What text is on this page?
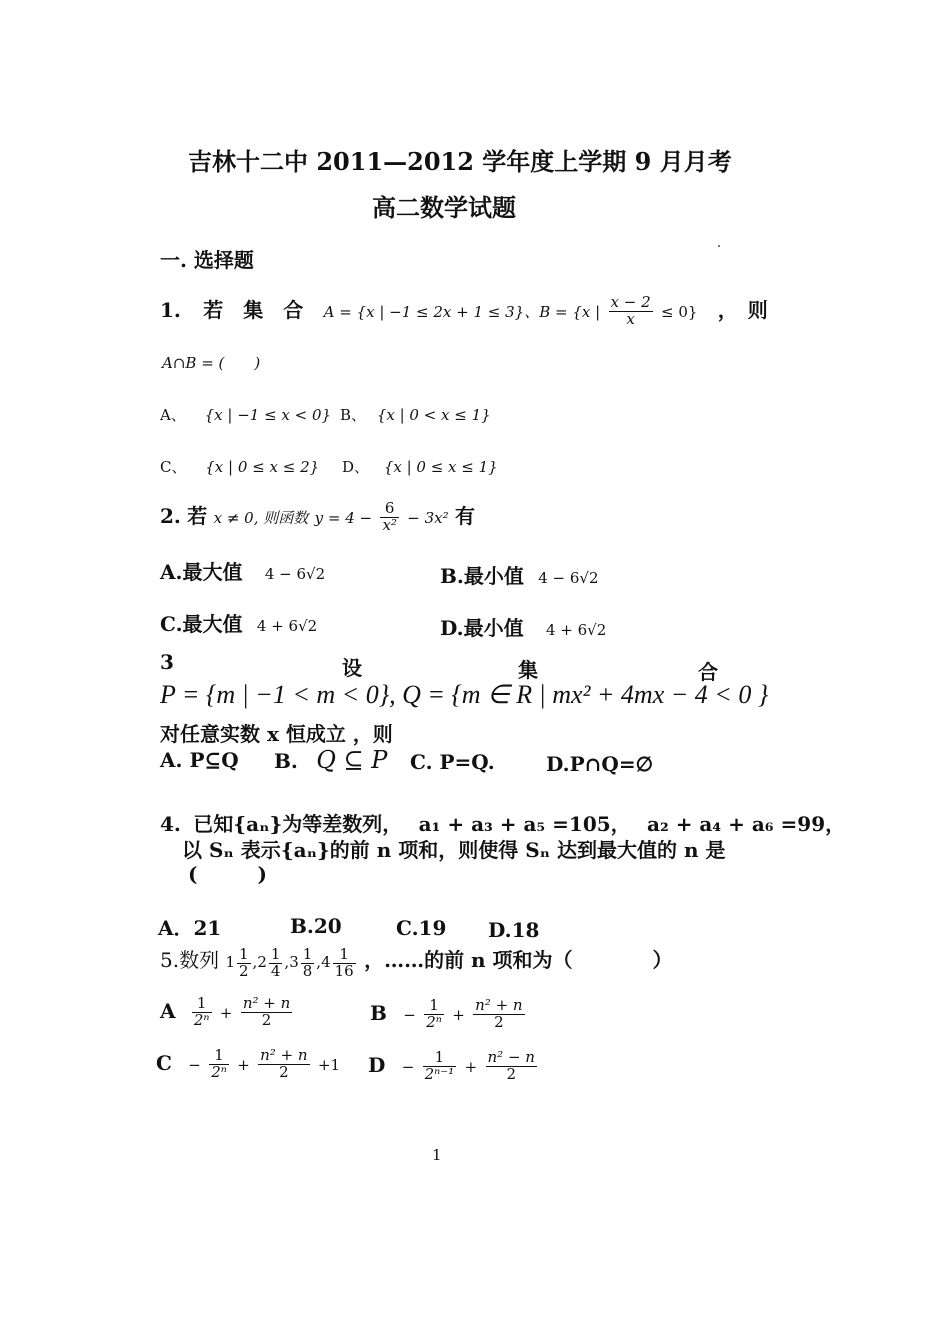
吉林十二中 2011—2012 学年度上学期 9 月月考
高二数学试题
一. 选择题
1. 若　集　合 A = {x | −1 ≤ 2x + 1 ≤ 3}、B = {x | $\frac{x - 2}{x} \le 0$} ，　则
A∩B = (　　)
A、 {x | −1 ≤ x < 0} B、 {x | 0 < x ≤ 1}
C、 {x | 0 ≤ x ≤ 2} D、 {x | 0 ≤ x ≤ 1}
2. 若 x ≠ 0, 则函数 $y = 4 - \frac{6}{\text{x²}} - 3x^2$ 有
A.最大值 4 − 6√2	B.最小值 4 − 6√2
C.最大值 4 + 6√2	D.最小值 4 + 6√2
3	设	集	合
P = {m | −1 < m < 0}, Q = {m ∈ R | mx² + 4mx − 4 < 0 }
对任意实数 x 恒成立 ，则
A. P⊆Q B. Q ⊆ P C. P=Q.	D.P∩Q=∅
4. 已知{aₙ}为等差数列， a₁ + a₃ + a₅ =105， a₂ + a₄ + a₆ =99，
以 Sₙ 表示{aₙ}的前 n 项和，则使得 Sₙ 达到最大值的 n 是
(　　　)
A．21	B.20	C.19 D.18
5.数列 $1 \frac{1}{2} ,2 \frac{1}{4} ,3 \frac{1}{8} ,4 \frac{1}{16}$ ，……的前 n 项和为（　　　　）
A $\frac{1}{\text{2ⁿ}} + \frac{\text{n² + n}}{2}$	$B - \frac{1}{\text{2ⁿ}} + \frac{\text{n² + n}}{2}$
$C - \frac{1}{\text{2ⁿ}} + \frac{\text{n² + n}}{2} +1$ $D - \frac{1}{\text{2ⁿ⁻¹}} + \frac{\text{n² − n}}{2}$
1
